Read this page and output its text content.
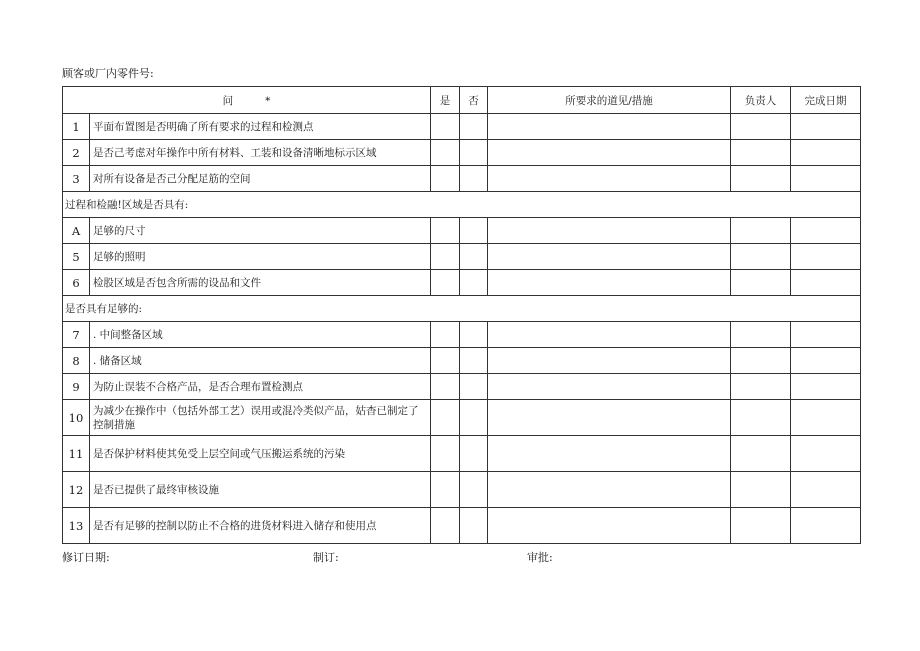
顾客或厂内零件号:
问 *		是	否	所要求的道见/措施	负责人	完成日期
1	平面布置图是否明确了所有要求的过程和检测点					
2	是否己考虑对年操作中所有材料、工装和设备清晰地标示区域					
3	对所有设备是否己分配足筋的空间					
过程和检融!区域是否具有:						
A	足够的尺寸					
5	足够的照明					
6	检股区域是否包含所需的设品和文件					
是否具有足够的:						
7	. 中间整备区域					
8	. 储备区域					
9	为防止误装不合格产品，是否合理布置检测点					
10	为减少在操作中（包括外部工艺）误用或混冷类似产品，姑杳已制定了控制措施					
11	是否保护材料使其免受上层空间或气压搬运系统的污染					
12	是否已提供了最终审核设施					
13	是否有足够的控制以防止不合格的进货材料进入储存和使用点					
修订日期:	制订:	审批:
